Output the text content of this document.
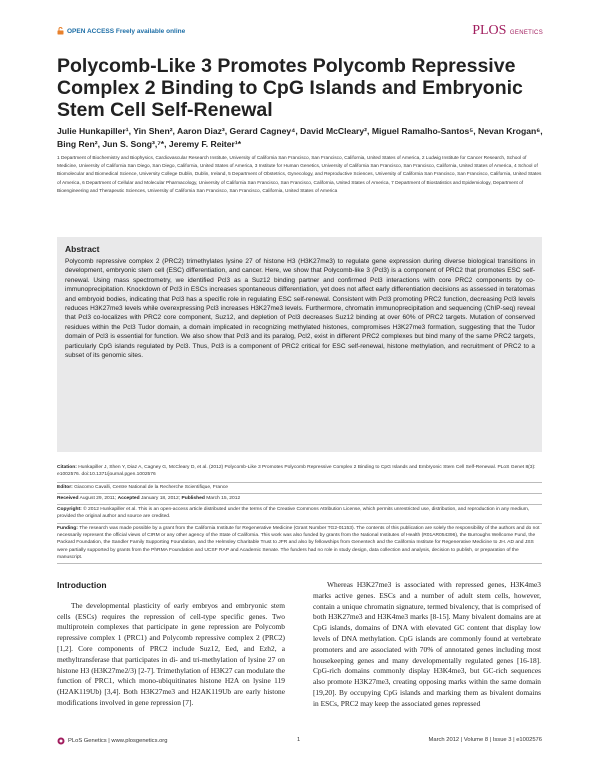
OPEN ACCESS Freely available online	PLOS GENETICS
Polycomb-Like 3 Promotes Polycomb Repressive Complex 2 Binding to CpG Islands and Embryonic Stem Cell Self-Renewal
Julie Hunkapiller¹, Yin Shen², Aaron Diaz³, Gerard Cagney⁴, David McCleary², Miguel Ramalho-Santos⁵, Nevan Krogan⁶, Bing Ren², Jun S. Song³,⁷*, Jeremy F. Reiter¹*
1 Department of Biochemistry and Biophysics, Cardiovascular Research Institute, University of California San Francisco, San Francisco, California, United States of America, 2 Ludwig Institute for Cancer Research, School of Medicine, University of California San Diego, San Diego, California, United States of America, 3 Institute for Human Genetics, University of California San Francisco, San Francisco, California, United States of America, 4 School of Biomolecular and Biomedical Science, University College Dublin, Dublin, Ireland, 5 Department of Obstetrics, Gynecology, and Reproductive Sciences, University of California San Francisco, San Francisco, California, United States of America, 6 Department of Cellular and Molecular Pharmacology, University of California San Francisco, San Francisco, California, United States of America, 7 Department of Biostatistics and Epidemiology, Department of Bioengineering and Therapeutic Sciences, University of California San Francisco, San Francisco, California, United States of America
Abstract

Polycomb repressive complex 2 (PRC2) trimethylates lysine 27 of histone H3 (H3K27me3) to regulate gene expression during diverse biological transitions in development, embryonic stem cell (ESC) differentiation, and cancer. Here, we show that Polycomb-like 3 (Pcl3) is a component of PRC2 that promotes ESC self-renewal. Using mass spectrometry, we identified Pcl3 as a Suz12 binding partner and confirmed Pcl3 interactions with core PRC2 components by co-immunoprecipitation. Knockdown of Pcl3 in ESCs increases spontaneous differentiation, yet does not affect early differentiation decisions as assessed in teratomas and embryoid bodies, indicating that Pcl3 has a specific role in regulating ESC self-renewal. Consistent with Pcl3 promoting PRC2 function, decreasing Pcl3 levels reduces H3K27me3 levels while overexpressing Pcl3 increases H3K27me3 levels. Furthermore, chromatin immunoprecipitation and sequencing (ChIP-seq) reveal that Pcl3 co-localizes with PRC2 core component, Suz12, and depletion of Pcl3 decreases Suz12 binding at over 60% of PRC2 targets. Mutation of conserved residues within the Pcl3 Tudor domain, a domain implicated in recognizing methylated histones, compromises H3K27me3 formation, suggesting that the Tudor domain of Pcl3 is essential for function. We also show that Pcl3 and its paralog, Pcl2, exist in different PRC2 complexes but bind many of the same PRC2 targets, particularly CpG islands regulated by Pcl3. Thus, Pcl3 is a component of PRC2 critical for ESC self-renewal, histone methylation, and recruitment of PRC2 to a subset of its genomic sites.

Citation: Hunkapiller J, Shen Y, Diaz A, Cagney G, McCleary D, et al. (2012) Polycomb-Like 3 Promotes Polycomb Repressive Complex 2 Binding to CpG Islands and Embryonic Stem Cell Self-Renewal. PLoS Genet 8(3): e1002576. doi:10.1371/journal.pgen.1002576
Editor: Giacomo Cavalli, Centre National de la Recherche Scientifique, France
Received August 29, 2011; Accepted January 18, 2012; Published March 15, 2012
Copyright: © 2012 Hunkapiller et al. This is an open-access article distributed under the terms of the Creative Commons Attribution License, which permits unrestricted use, distribution, and reproduction in any medium, provided the original author and source are credited.
Funding: The research was made possible by a grant from the California Institute for Regenerative Medicine (Grant Number TG2-01153). The contents of this publication are solely the responsibility of the authors and do not necessarily represent the official views of CIRM or any other agency of the State of California. This work was also funded by grants from the National Institutes of Health (R01AR054396), the Burroughs Wellcome Fund, the Packard Foundation, the Sandler Family Supporting Foundation, and the Helmsley Charitable Trust to JFR and also by fellowships from Genentech and the California Institute for Regenerative Medicine to JH. AD and JSS were partially supported by grants from the PhRMA Foundation and UCSF RAP and Academic Senate. The funders had no role in study design, data collection and analysis, decision to publish, or preparation of the manuscript.
Introduction

The developmental plasticity of early embryos and embryonic stem cells (ESCs) requires the repression of cell-type specific genes. Two multiprotein complexes that participate in gene repression are Polycomb repressive complex 1 (PRC1) and Polycomb repressive complex 2 (PRC2) [1,2]. Core components of PRC2 include Suz12, Eed, and Ezh2, a methyltransferase that participates in di- and tri-methylation of lysine 27 on histone H3 (H3K27me2/3) [2-7]. Trimethylation of H3K27 can modulate the function of PRC1, which mono-ubiquitinates histone H2A on lysine 119 (H2AK119Ub) [3,4]. Both H3K27me3 and H2AK119Ub are early histone modifications involved in gene repression [7].

Whereas H3K27me3 is associated with repressed genes, H3K4me3 marks active genes. ESCs and a number of adult stem cells, however, contain a unique chromatin signature, termed bivalency, that is comprised of both H3K27me3 and H3K4me3 marks [8-15]. Many bivalent domains are at CpG islands, domains of DNA with elevated GC content that display low levels of DNA methylation. CpG islands are commonly found at vertebrate promoters and are associated with 70% of annotated genes including most housekeeping genes and many developmentally regulated genes [16-18]. CpG-rich domains commonly display H3K4me3, but GC-rich sequences also promote H3K27me3, creating opposing marks within the same domain [19,20]. By occupying CpG islands and marking them as bivalent domains in ESCs, PRC2 may keep the associated genes repressed

PLoS Genetics | www.plosgenetics.org	1	March 2012 | Volume 8 | Issue 3 | e1002576
